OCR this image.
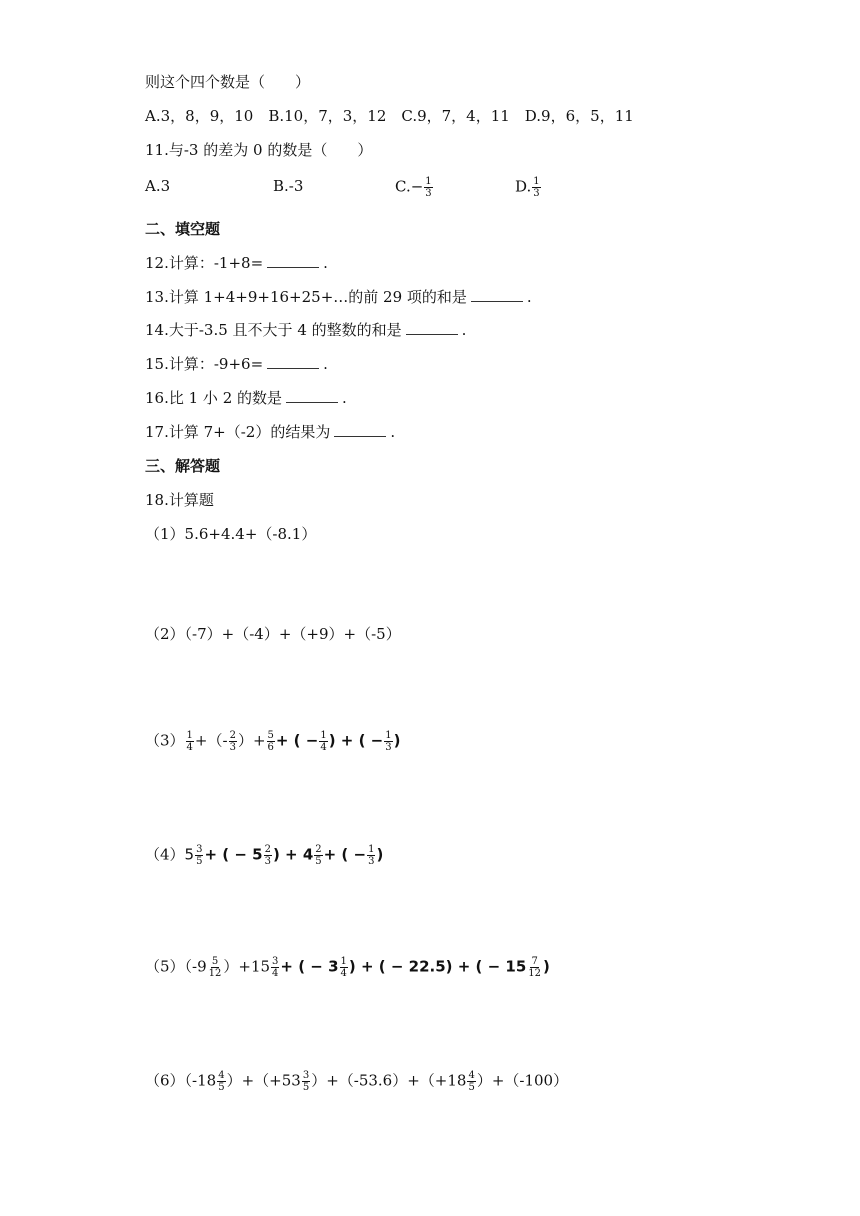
则这个四个数是（　　）
A.3，8，9，10　B.10，7，3，12　C.9，7，4，11　D.9，6，5，11
11.与-3 的差为 0 的数是（　　）
A.3	B.-3	$C.- \frac{1}{3}$	D. $\frac{1}{3}$
二、填空题
12.计算：-1+8=	.
13.计算 1+4+9+16+25+…的前 29 项的和是	.
14.大于-3.5 且不大于 4 的整数的和是	.
15.计算：-9+6=	.
16.比 1 小 2 的数是	.
17.计算 7+（-2）的结果为	.
三、解答题
18.计算题
（1）5.6+4.4+（-8.1）
（2）（-7）+（-4）+（+9）+（-5）
$(3) \frac{1}{4}$ +（- $\frac{2}{3}$ ）+ $\frac{5}{6}$ + ( − $\frac{1}{4}$ ) + ( − $\frac{1}{3}$ )
$(4)5 \frac{3}{5}$ + ( − $5 \frac{2}{3}$ ) + $4 \frac{2}{5}$ + ( − $\frac{1}{3}$ )
$(5)(-9 \frac{5}{12} )+15 \frac{3}{4}$ + ( − $3 \frac{1}{4}$ ) + ( − 22.5) + ( − $15 \frac{7}{12}$ )
$(6)(-18 \frac{4}{5} )+(+53 \frac{3}{5} )+(-53.6)+(+18 \frac{4}{5} )+(-100)$
